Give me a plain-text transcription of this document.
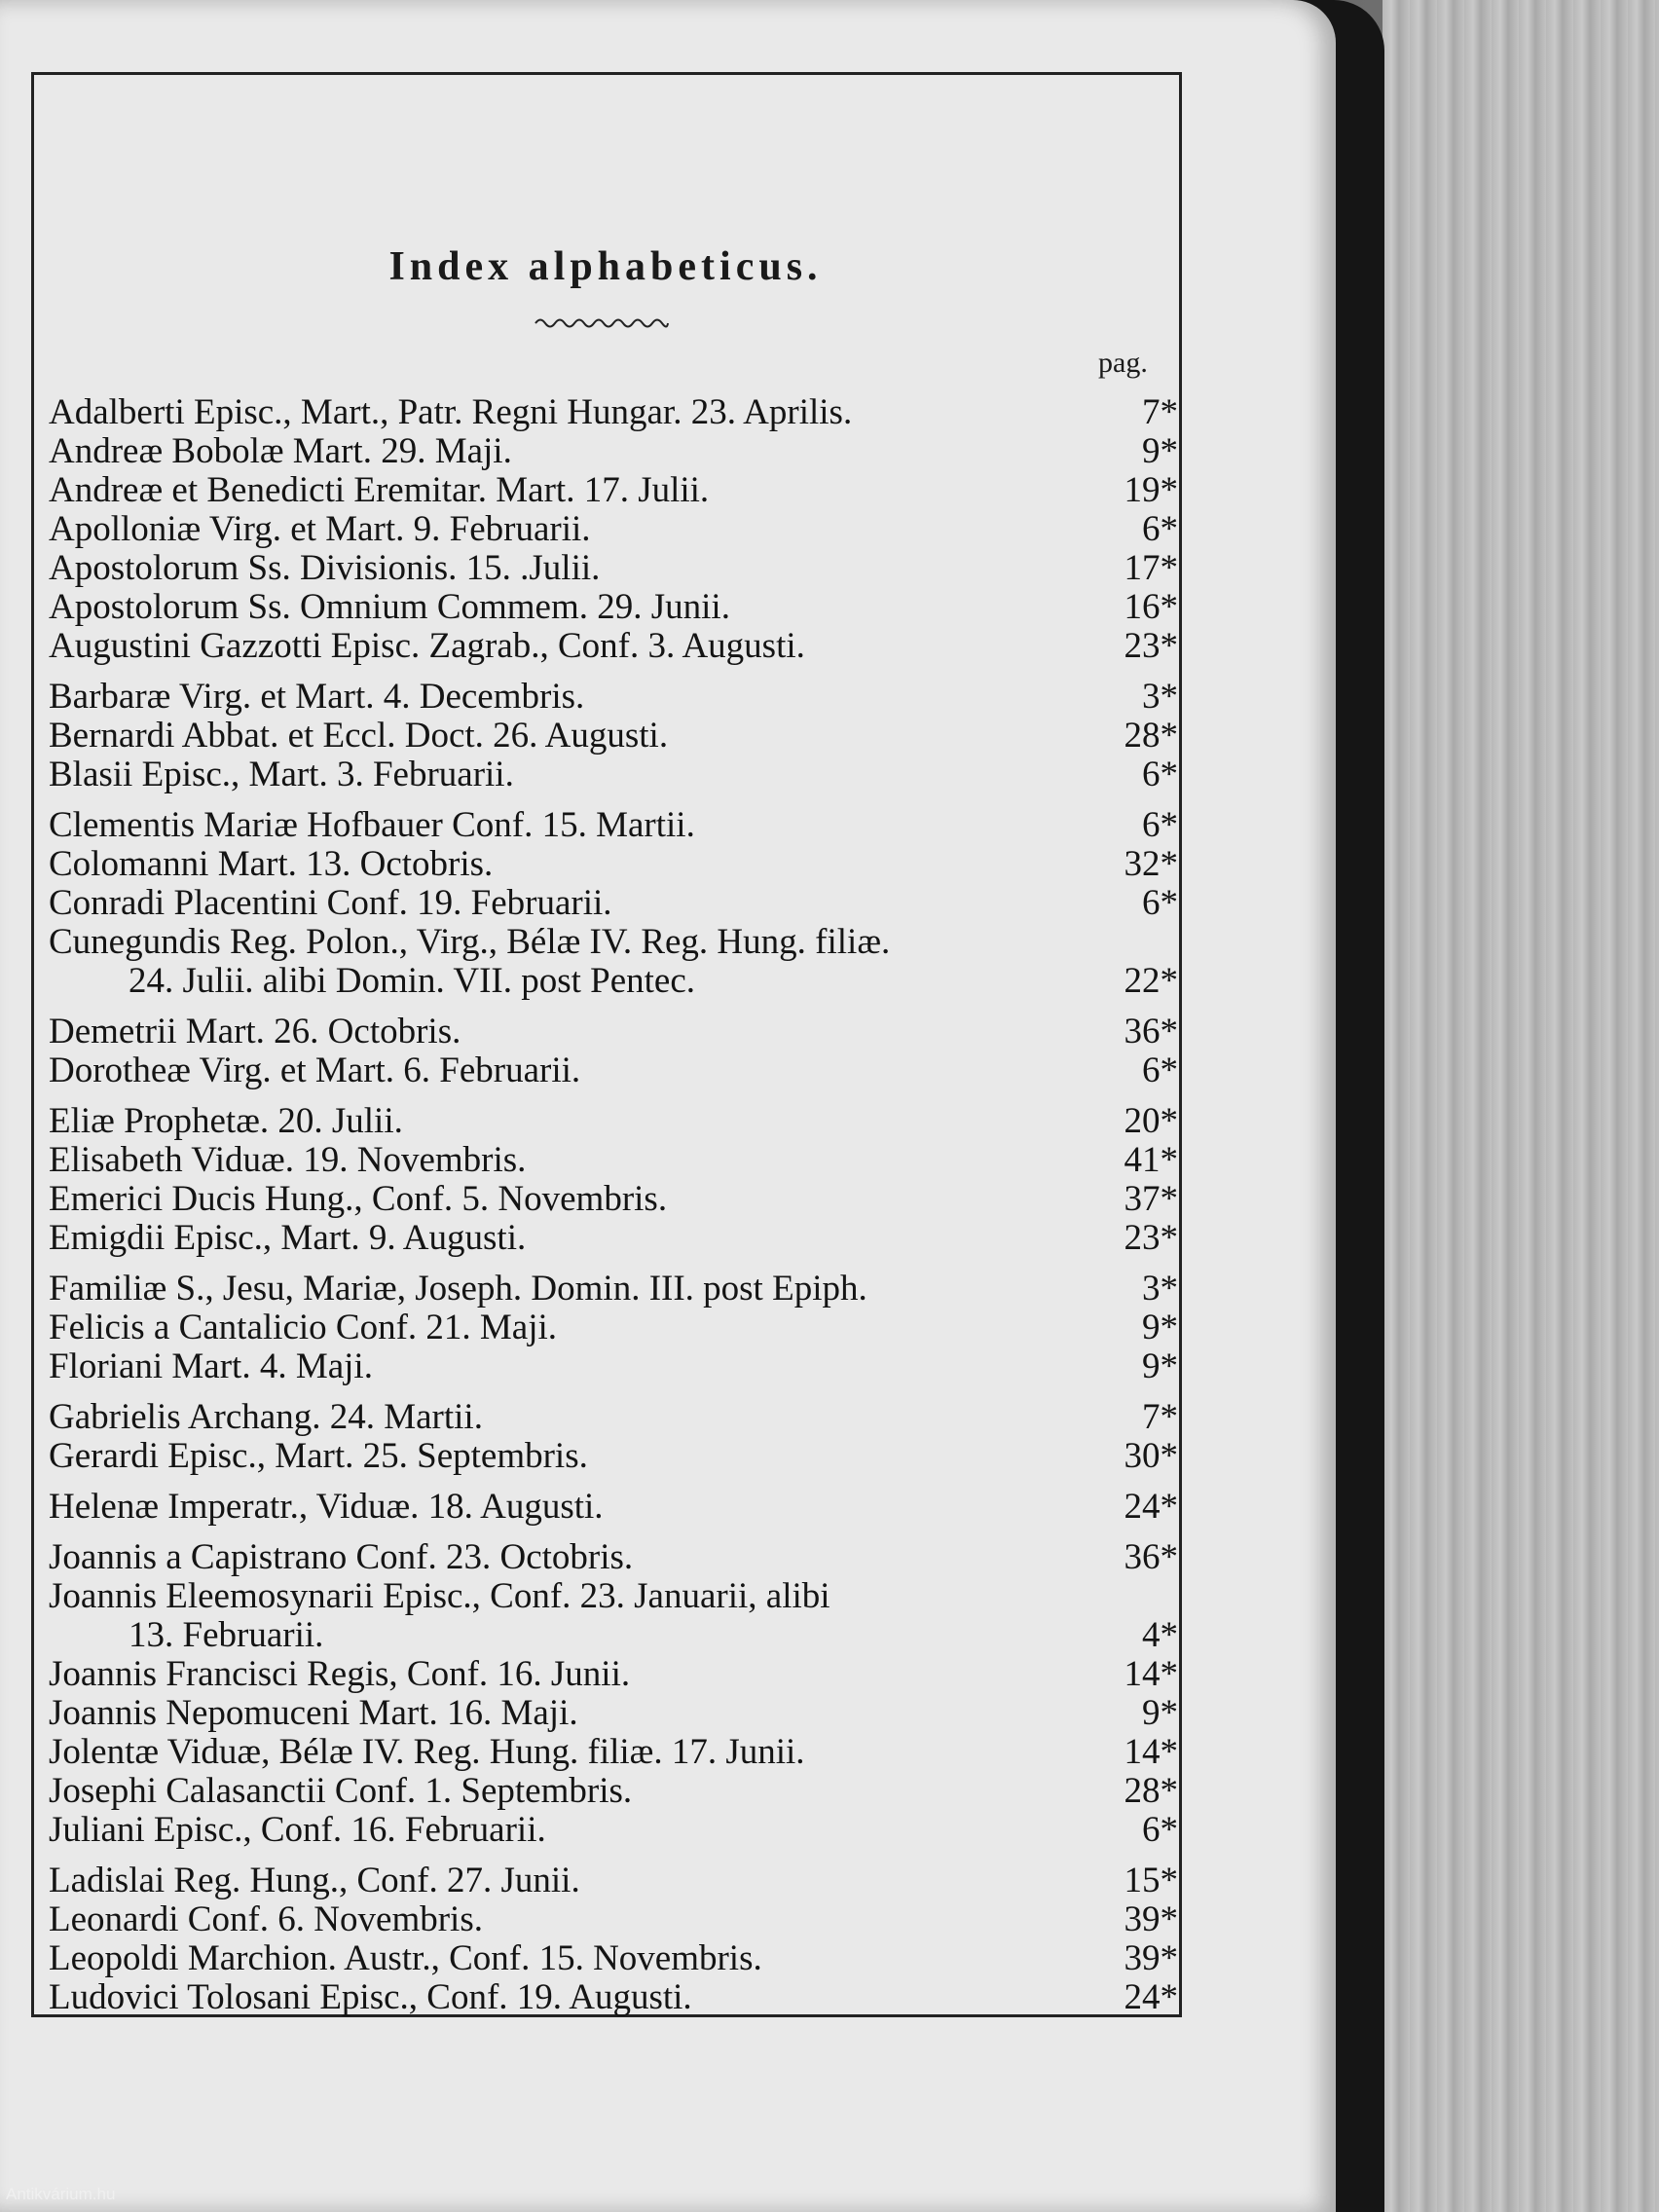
Index alphabeticus.
pag.
Adalberti Episc., Mart., Patr. Regni Hungar. 23. Aprilis.	7*
Andreæ Bobolæ Mart. 29. Maji.	9*
Andreæ et Benedicti Eremitar. Mart. 17. Julii.	19*
Apolloniæ Virg. et Mart. 9. Februarii.	6*
Apostolorum Ss. Divisionis. 15. .Julii.	17*
Apostolorum Ss. Omnium Commem. 29. Junii.	16*
Augustini Gazzotti Episc. Zagrab., Conf. 3. Augusti.	23*
Barbaræ Virg. et Mart. 4. Decembris.	3*
Bernardi Abbat. et Eccl. Doct. 26. Augusti.	28*
Blasii Episc., Mart. 3. Februarii.	6*
Clementis Mariæ Hofbauer Conf. 15. Martii.	6*
Colomanni Mart. 13. Octobris.	32*
Conradi Placentini Conf. 19. Februarii.	6*
Cunegundis Reg. Polon., Virg., Bélæ IV. Reg. Hung. filiæ.
24. Julii. alibi Domin. VII. post Pentec.	22*
Demetrii Mart. 26. Octobris.	36*
Dorotheæ Virg. et Mart. 6. Februarii.	6*
Eliæ Prophetæ. 20. Julii.	20*
Elisabeth Viduæ. 19. Novembris.	41*
Emerici Ducis Hung., Conf. 5. Novembris.	37*
Emigdii Episc., Mart. 9. Augusti.	23*
Familiæ S., Jesu, Mariæ, Joseph. Domin. III. post Epiph.	3*
Felicis a Cantalicio Conf. 21. Maji.	9*
Floriani Mart. 4. Maji.	9*
Gabrielis Archang. 24. Martii.	7*
Gerardi Episc., Mart. 25. Septembris.	30*
Helenæ Imperatr., Viduæ. 18. Augusti.	24*
Joannis a Capistrano Conf. 23. Octobris.	36*
Joannis Eleemosynarii Episc., Conf. 23. Januarii, alibi
13. Februarii.	4*
Joannis Francisci Regis, Conf. 16. Junii.	14*
Joannis Nepomuceni Mart. 16. Maji.	9*
Jolentæ Viduæ, Bélæ IV. Reg. Hung. filiæ. 17. Junii.	14*
Josephi Calasanctii Conf. 1. Septembris.	28*
Juliani Episc., Conf. 16. Februarii.	6*
Ladislai Reg. Hung., Conf. 27. Junii.	15*
Leonardi Conf. 6. Novembris.	39*
Leopoldi Marchion. Austr., Conf. 15. Novembris.	39*
Ludovici Tolosani Episc., Conf. 19. Augusti.	24*
Antikvárium.hu
